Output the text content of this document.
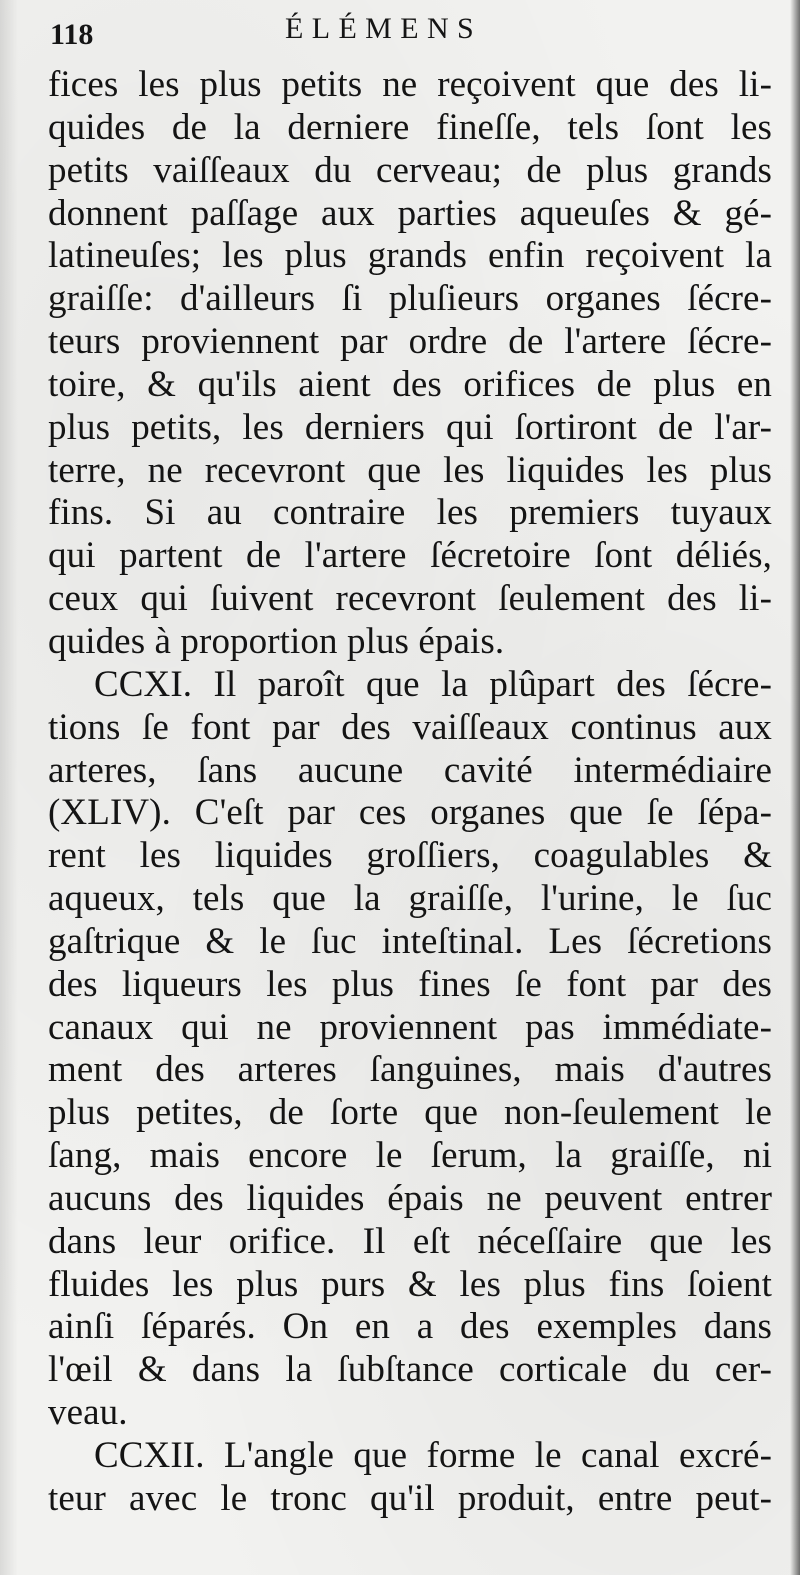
118	ÉLÉMENS
fices les plus petits ne reçoivent que des li-
quides de la derniere fineſſe, tels ſont les
petits vaiſſeaux du cerveau; de plus grands
donnent paſſage aux parties aqueuſes & gé-
latineuſes; les plus grands enfin reçoivent la
graiſſe: d'ailleurs ſi pluſieurs organes ſécre-
teurs proviennent par ordre de l'artere ſécre-
toire, & qu'ils aient des orifices de plus en
plus petits, les derniers qui ſortiront de l'ar-
terre, ne recevront que les liquides les plus
fins. Si au contraire les premiers tuyaux
qui partent de l'artere ſécretoire ſont déliés,
ceux qui ſuivent recevront ſeulement des li-
quides à proportion plus épais.
CCXI. Il paroît que la plûpart des ſécre-
tions ſe font par des vaiſſeaux continus aux
arteres, ſans aucune cavité intermédiaire
(XLIV). C'eſt par ces organes que ſe ſépa-
rent les liquides groſſiers, coagulables &
aqueux, tels que la graiſſe, l'urine, le ſuc
gaſtrique & le ſuc inteſtinal. Les ſécretions
des liqueurs les plus fines ſe font par des
canaux qui ne proviennent pas immédiate-
ment des arteres ſanguines, mais d'autres
plus petites, de ſorte que non-ſeulement le
ſang, mais encore le ſerum, la graiſſe, ni
aucuns des liquides épais ne peuvent entrer
dans leur orifice. Il eſt néceſſaire que les
fluides les plus purs & les plus fins ſoient
ainſi ſéparés. On en a des exemples dans
l'œil & dans la ſubſtance corticale du cer-
veau.
CCXII. L'angle que forme le canal excré-
teur avec le tronc qu'il produit, entre peut-
